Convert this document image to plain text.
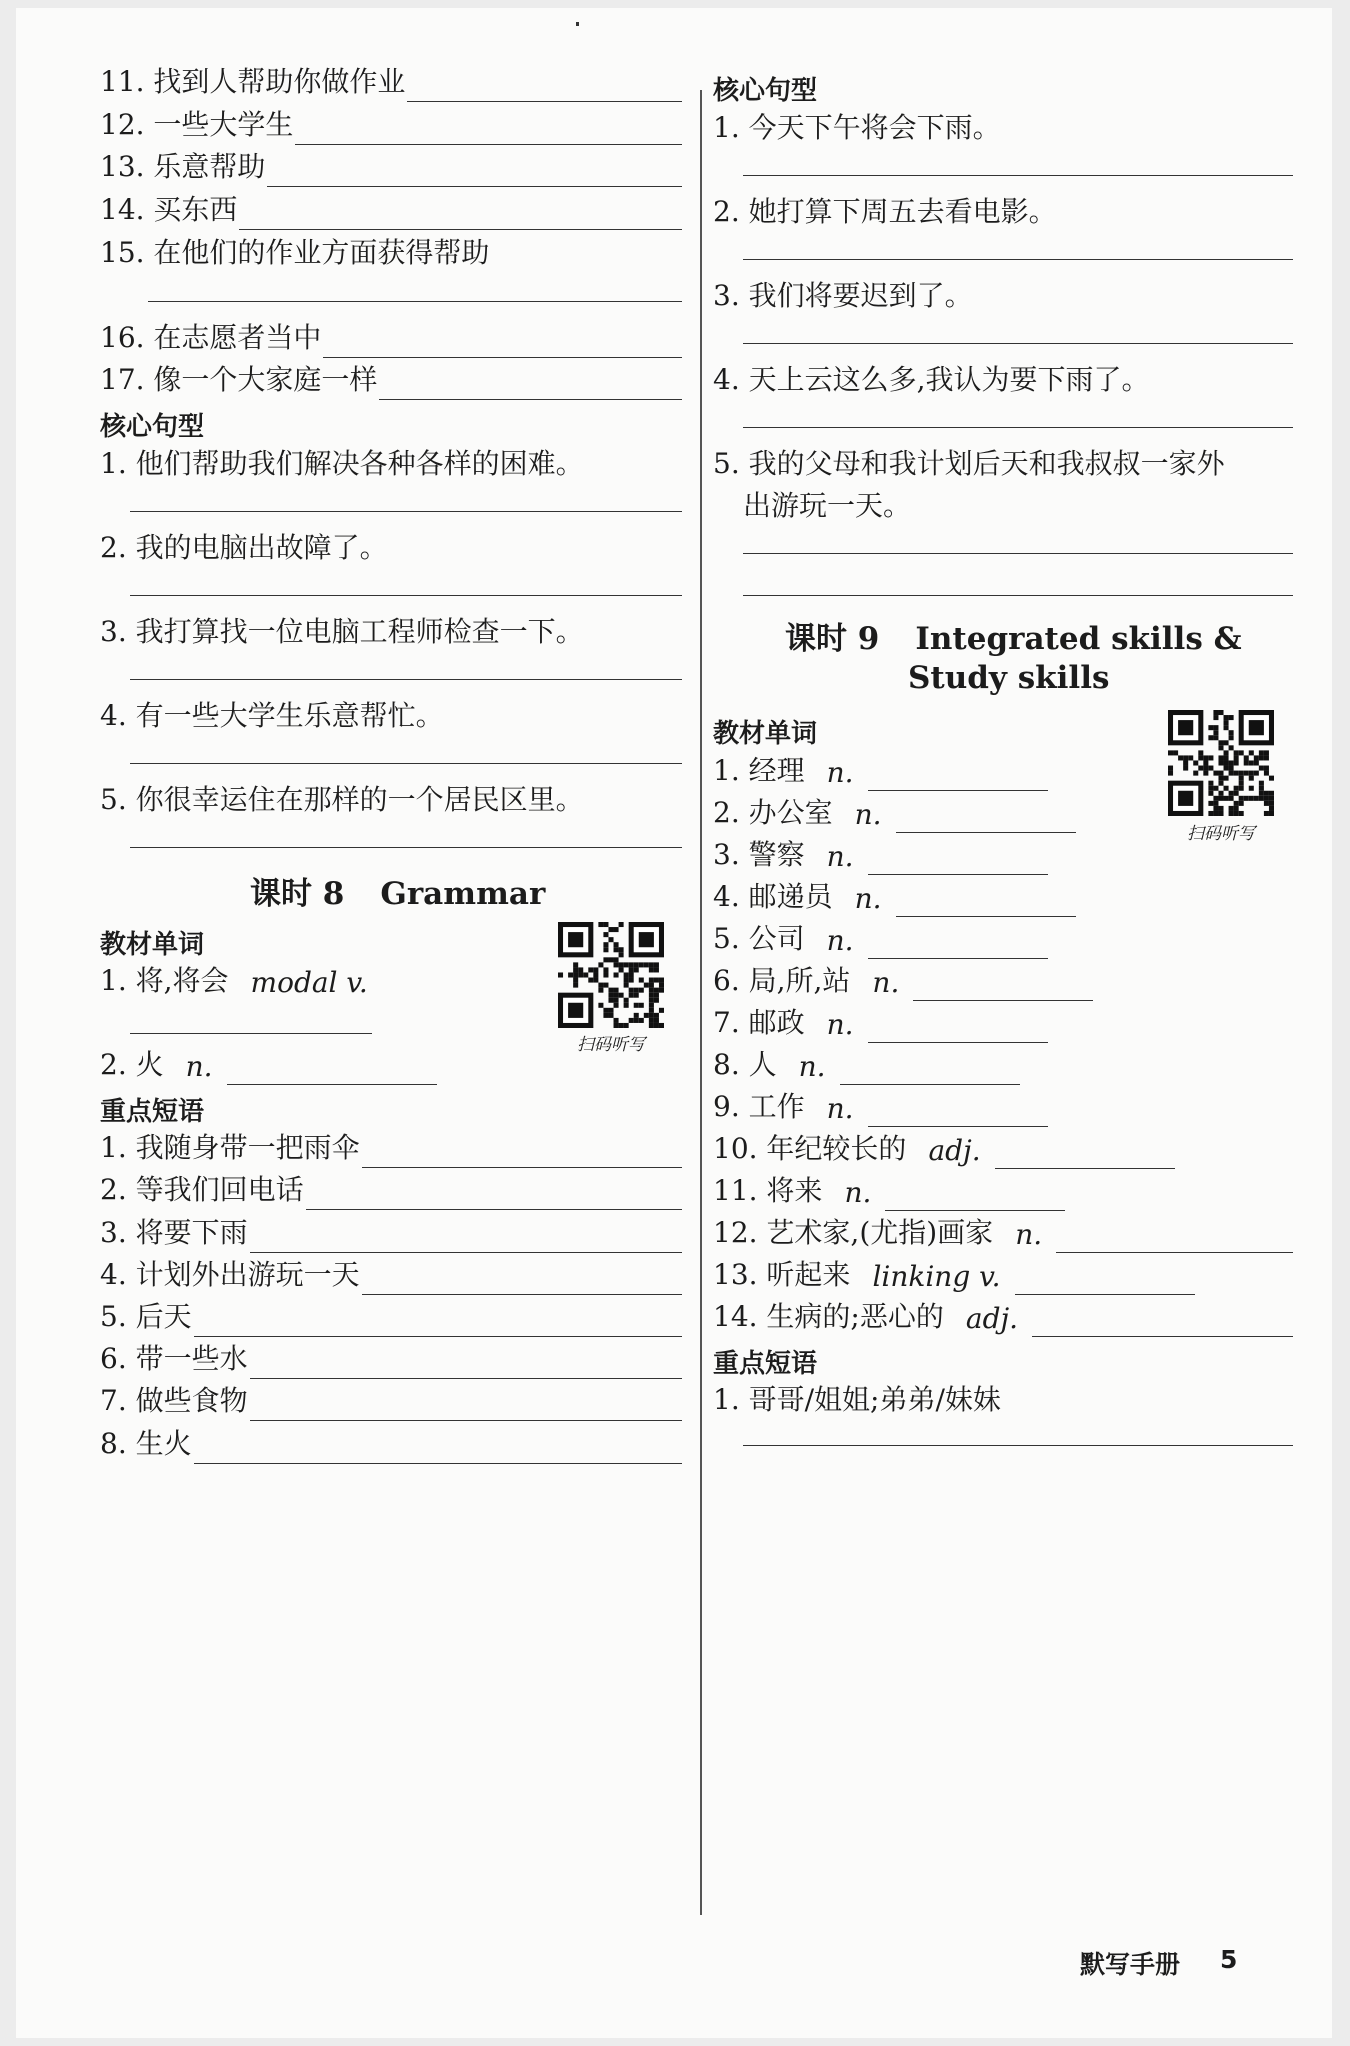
11. 找到人帮助你做作业
12. 一些大学生
13. 乐意帮助
14. 买东西
15. 在他们的作业方面获得帮助
16. 在志愿者当中
17. 像一个大家庭一样
核心句型
1. 他们帮助我们解决各种各样的困难。
2. 我的电脑出故障了。
3. 我打算找一位电脑工程师检查一下。
4. 有一些大学生乐意帮忙。
5. 你很幸运住在那样的一个居民区里。
课时 8 Grammar
教材单词
扫码听写
1. 将,将会 modal v.
2. 火 n.
重点短语
1. 我随身带一把雨伞
2. 等我们回电话
3. 将要下雨
4. 计划外出游玩一天
5. 后天
6. 带一些水
7. 做些食物
8. 生火
核心句型
1. 今天下午将会下雨。
2. 她打算下周五去看电影。
3. 我们将要迟到了。
4. 天上云这么多,我认为要下雨了。
5. 我的父母和我计划后天和我叔叔一家外
出游玩一天。
课时 9 Integrated skills &
Study skills
教材单词
扫码听写
1. 经理 n.
2. 办公室 n.
3. 警察 n.
4. 邮递员 n.
5. 公司 n.
6. 局,所,站 n.
7. 邮政 n.
8. 人 n.
9. 工作 n.
10. 年纪较长的 adj.
11. 将来 n.
12. 艺术家,(尤指)画家 n.
13. 听起来 linking v.
14. 生病的;恶心的 adj.
重点短语
1. 哥哥/姐姐;弟弟/妹妹
默写手册 5
